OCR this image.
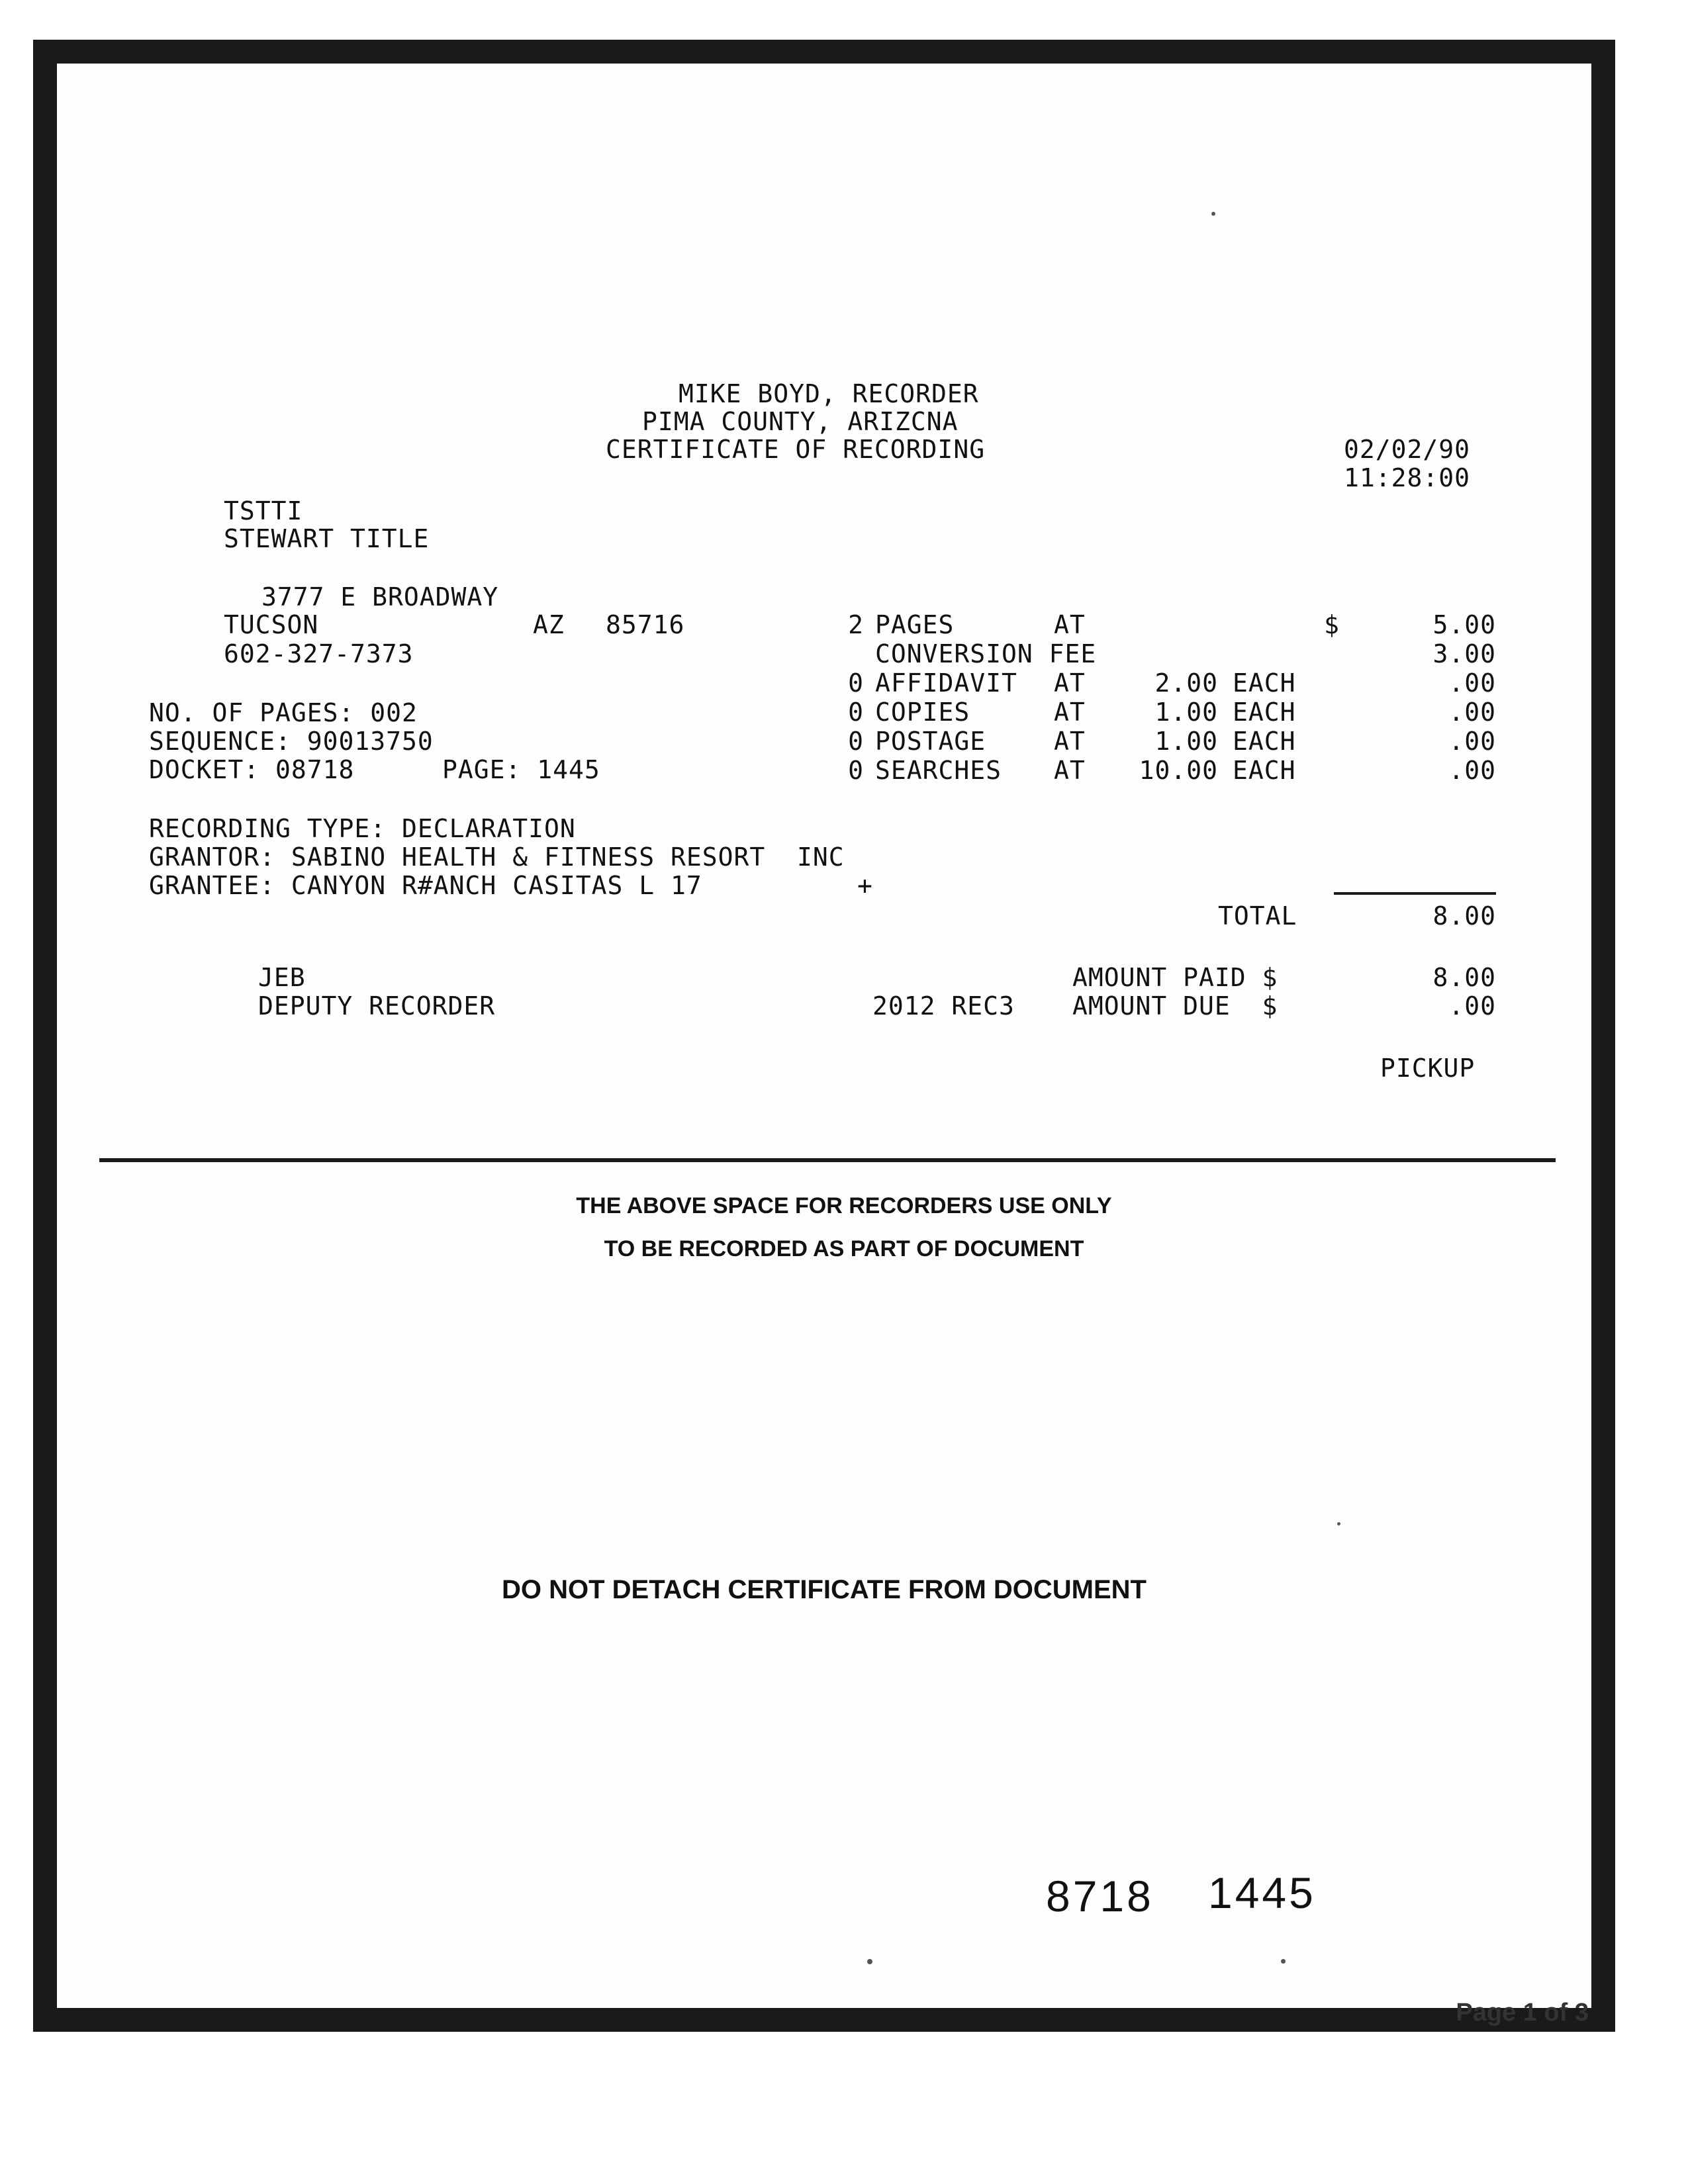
MIKE BOYD, RECORDER
PIMA COUNTY, ARIZCNA
CERTIFICATE OF RECORDING	02/02/90
11:28:00
TSTTI
STEWART TITLE
3777 E BROADWAY
TUCSON	AZ 85716
602-327-7373
NO. OF PAGES: 002
SEQUENCE: 90013750
DOCKET: 08718	PAGE: 1445
RECORDING TYPE: DECLARATION
GRANTOR: SABINO HEALTH & FITNESS RESORT  INC
GRANTEE: CANYON R#ANCH CASITAS L 17	+
2 PAGES	AT	$	5.00
CONVERSION FEE	3.00
0 AFFIDAVIT	AT	2.00 EACH	.00
0 COPIES	AT	1.00 EACH	.00
0 POSTAGE	AT	1.00 EACH	.00
0 SEARCHES	AT	10.00 EACH	.00
TOTAL	8.00
JEB
DEPUTY RECORDER
AMOUNT PAID $	8.00
2012 REC3 AMOUNT DUE  $	.00
PICKUP
THE ABOVE SPACE FOR RECORDERS USE ONLY
TO BE RECORDED AS PART OF DOCUMENT
DO NOT DETACH CERTIFICATE FROM DOCUMENT
8718 1445
Page 1 of 3
